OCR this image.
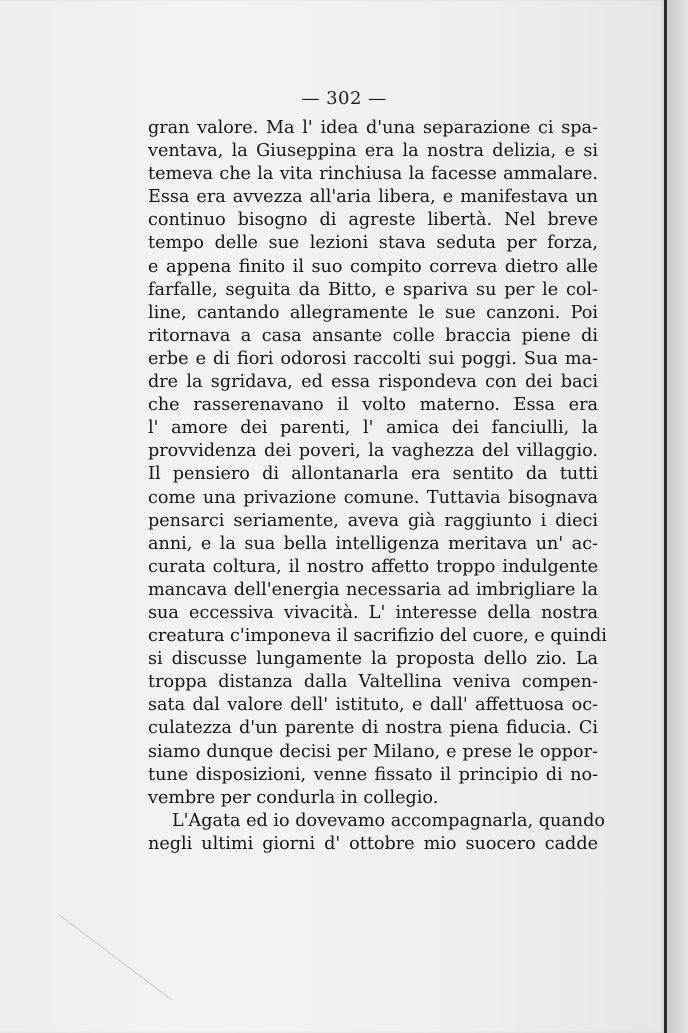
— 302 —
gran valore. Ma l' idea d'una separazione ci spa-
ventava, la Giuseppina era la nostra delizia, e si
temeva che la vita rinchiusa la facesse ammalare.
Essa era avvezza all'aria libera, e manifestava un
continuo bisogno di agreste libertà. Nel breve
tempo delle sue lezioni stava seduta per forza,
e appena finito il suo compito correva dietro alle
farfalle, seguita da Bitto, e spariva su per le col-
line, cantando allegramente le sue canzoni. Poi
ritornava a casa ansante colle braccia piene di
erbe e di fiori odorosi raccolti sui poggi. Sua ma-
dre la sgridava, ed essa rispondeva con dei baci
che rasserenavano il volto materno. Essa era
l' amore dei parenti, l' amica dei fanciulli, la
provvidenza dei poveri, la vaghezza del villaggio.
Il pensiero di allontanarla era sentito da tutti
come una privazione comune. Tuttavia bisognava
pensarci seriamente, aveva già raggiunto i dieci
anni, e la sua bella intelligenza meritava un' ac-
curata coltura, il nostro affetto troppo indulgente
mancava dell'energia necessaria ad imbrigliare la
sua eccessiva vivacità. L' interesse della nostra
creatura c'imponeva il sacrifizio del cuore, e quindi
si discusse lungamente la proposta dello zio. La
troppa distanza dalla Valtellina veniva compen-
sata dal valore dell' istituto, e dall' affettuosa oc-
culatezza d'un parente di nostra piena fiducia. Ci
siamo dunque decisi per Milano, e prese le oppor-
tune disposizioni, venne fissato il principio di no-
vembre per condurla in collegio.
L'Agata ed io dovevamo accompagnarla, quando
negli ultimi giorni d' ottobre mio suocero cadde
